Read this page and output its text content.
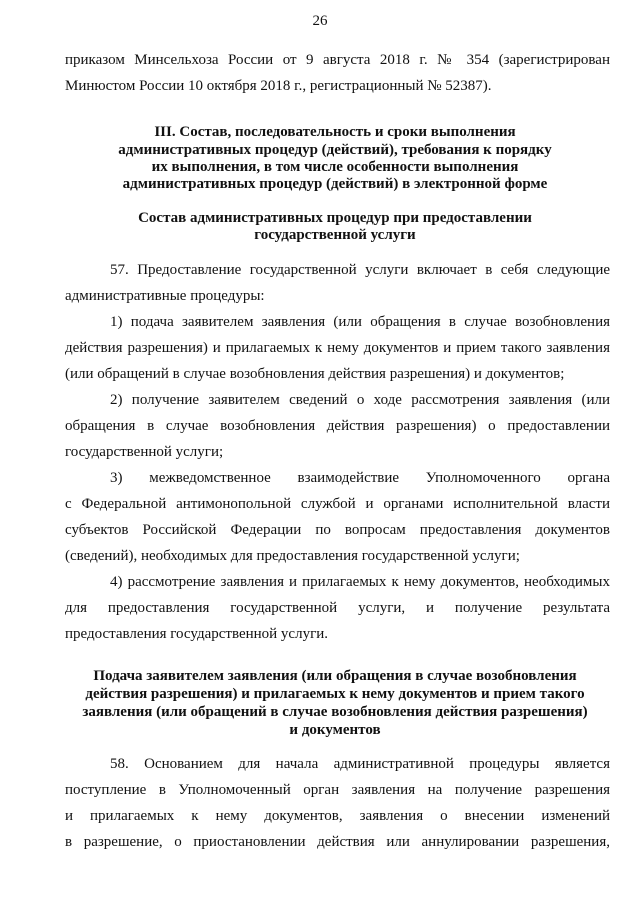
26
приказом Минсельхоза России от 9 августа 2018 г. № 354 (зарегистрирован
Минюстом России 10 октября 2018 г., регистрационный № 52387).
III. Состав, последовательность и сроки выполнения
административных процедур (действий), требования к порядку
их выполнения, в том числе особенности выполнения
административных процедур (действий) в электронной форме
Состав административных процедур при предоставлении
государственной услуги
57. Предоставление государственной услуги включает в себя следующие
административные процедуры:
1) подача заявителем заявления (или обращения в случае возобновления
действия разрешения) и прилагаемых к нему документов и прием такого заявления
(или обращений в случае возобновления действия разрешения) и документов;
2) получение заявителем сведений о ходе рассмотрения заявления (или
обращения в случае возобновления действия разрешения) о предоставлении
государственной услуги;
3) межведомственное взаимодействие Уполномоченного органа
с Федеральной антимонопольной службой и органами исполнительной власти
субъектов Российской Федерации по вопросам предоставления документов
(сведений), необходимых для предоставления государственной услуги;
4) рассмотрение заявления и прилагаемых к нему документов, необходимых
для предоставления государственной услуги, и получение результата
предоставления государственной услуги.
Подача заявителем заявления (или обращения в случае возобновления
действия разрешения) и прилагаемых к нему документов и прием такого
заявления (или обращений в случае возобновления действия разрешения)
и документов
58. Основанием для начала административной процедуры является
поступление в Уполномоченный орган заявления на получение разрешения
и прилагаемых к нему документов, заявления о внесении изменений
в разрешение, о приостановлении действия или аннулировании разрешения,
